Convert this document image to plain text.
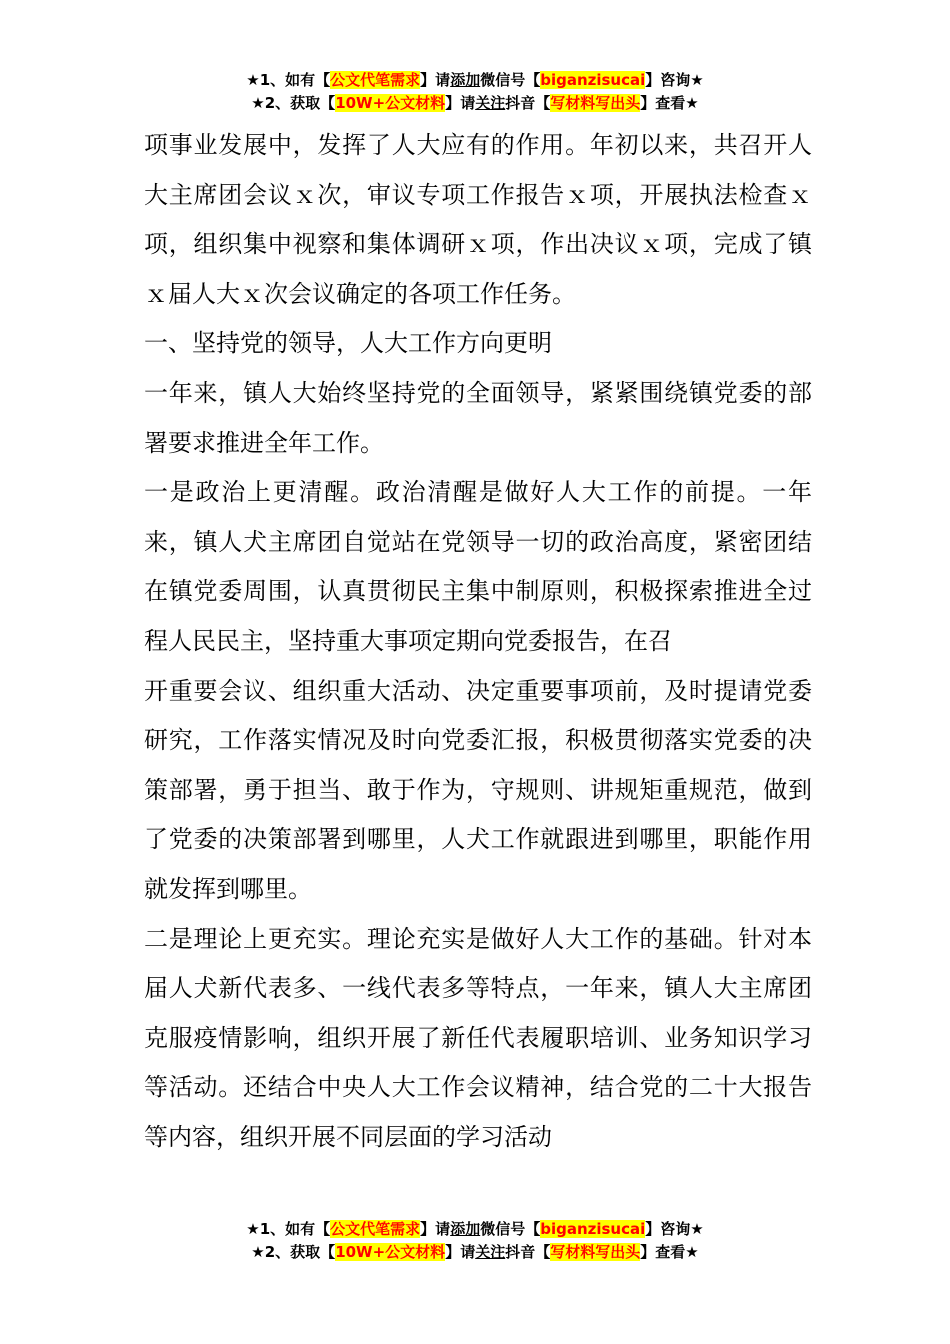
★1、如有【公文代笔需求】请添加微信号【biganzisucai】咨询★
★2、获取【10W+公文材料】请关注抖音【写材料写出头】查看★

项事业发展中，发挥了人大应有的作用。年初以来，共召开人大主席团会议ｘ次，审议专项工作报告ｘ项，开展执法检查ｘ项，组织集中视察和集体调研ｘ项，作出决议ｘ项，完成了镇ｘ届人大ｘ次会议确定的各项工作任务。

一、坚持党的领导，人大工作方向更明

一年来，镇人大始终坚持党的全面领导，紧紧围绕镇党委的部署要求推进全年工作。

一是政治上更清醒。政治清醒是做好人大工作的前提。一年来，镇人犬主席团自觉站在党领导一切的政治高度，紧密团结在镇党委周围，认真贯彻民主集中制原则，积极探索推进全过程人民民主，坚持重大事项定期向党委报告，在召

开重要会议、组织重大活动、决定重要事项前，及时提请党委研究，工作落实情况及时向党委汇报，积极贯彻落实党委的决策部署，勇于担当、敢于作为，守规则、讲规矩重规范，做到了党委的决策部署到哪里，人犬工作就跟进到哪里，职能作用就发挥到哪里。

二是理论上更充实。理论充实是做好人大工作的基础。针对本届人犬新代表多、一线代表多等特点，一年来，镇人大主席团克服疫情影响，组织开展了新任代表履职培训、业务知识学习等活动。还结合中央人大工作会议精神，结合党的二十大报告等内容，组织开展不同层面的学习活动

★1、如有【公文代笔需求】请添加微信号【biganzisucai】咨询★
★2、获取【10W+公文材料】请关注抖音【写材料写出头】查看★
